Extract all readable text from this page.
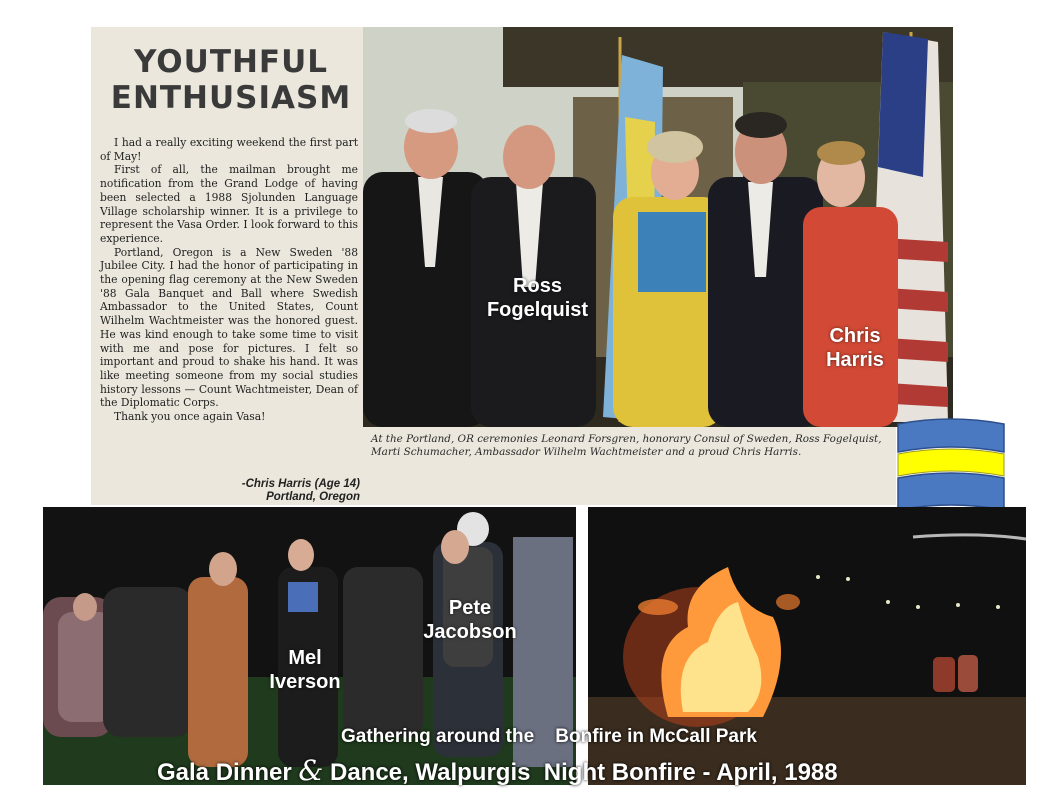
YOUTHFUL
ENTHUSIASM

I had a really exciting weekend the first part of May!

First of all, the mailman brought me notification from the Grand Lodge of having been selected a 1988 Sjolunden Language Village scholarship winner. It is a privilege to represent the Vasa Order. I look forward to this experience.

Portland, Oregon is a New Sweden '88 Jubilee City. I had the honor of participating in the opening flag ceremony at the New Sweden '88 Gala Banquet and Ball where Swedish Ambassador to the United States, Count Wilhelm Wachtmeister was the honored guest. He was kind enough to take some time to visit with me and pose for pictures. I felt so important and proud to shake his hand. It was like meeting someone from my social studies history lessons — Count Wachtmeister, Dean of the Diplomatic Corps.

Thank you once again Vasa!

-Chris Harris (Age 14)
Portland, Oregon
Ross
Fogelquist
Chris
Harris
At the Portland, OR ceremonies Leonard Forsgren, honorary Consul of Sweden, Ross Fogelquist, Marti Schumacher, Ambassador Wilhelm Wachtmeister and a proud Chris Harris.
Pete
Jacobson
Mel
Iverson
Gathering around the    Bonfire in McCall Park
Gala Dinner & Dance, Walpurgis  Night Bonfire - April, 1988
